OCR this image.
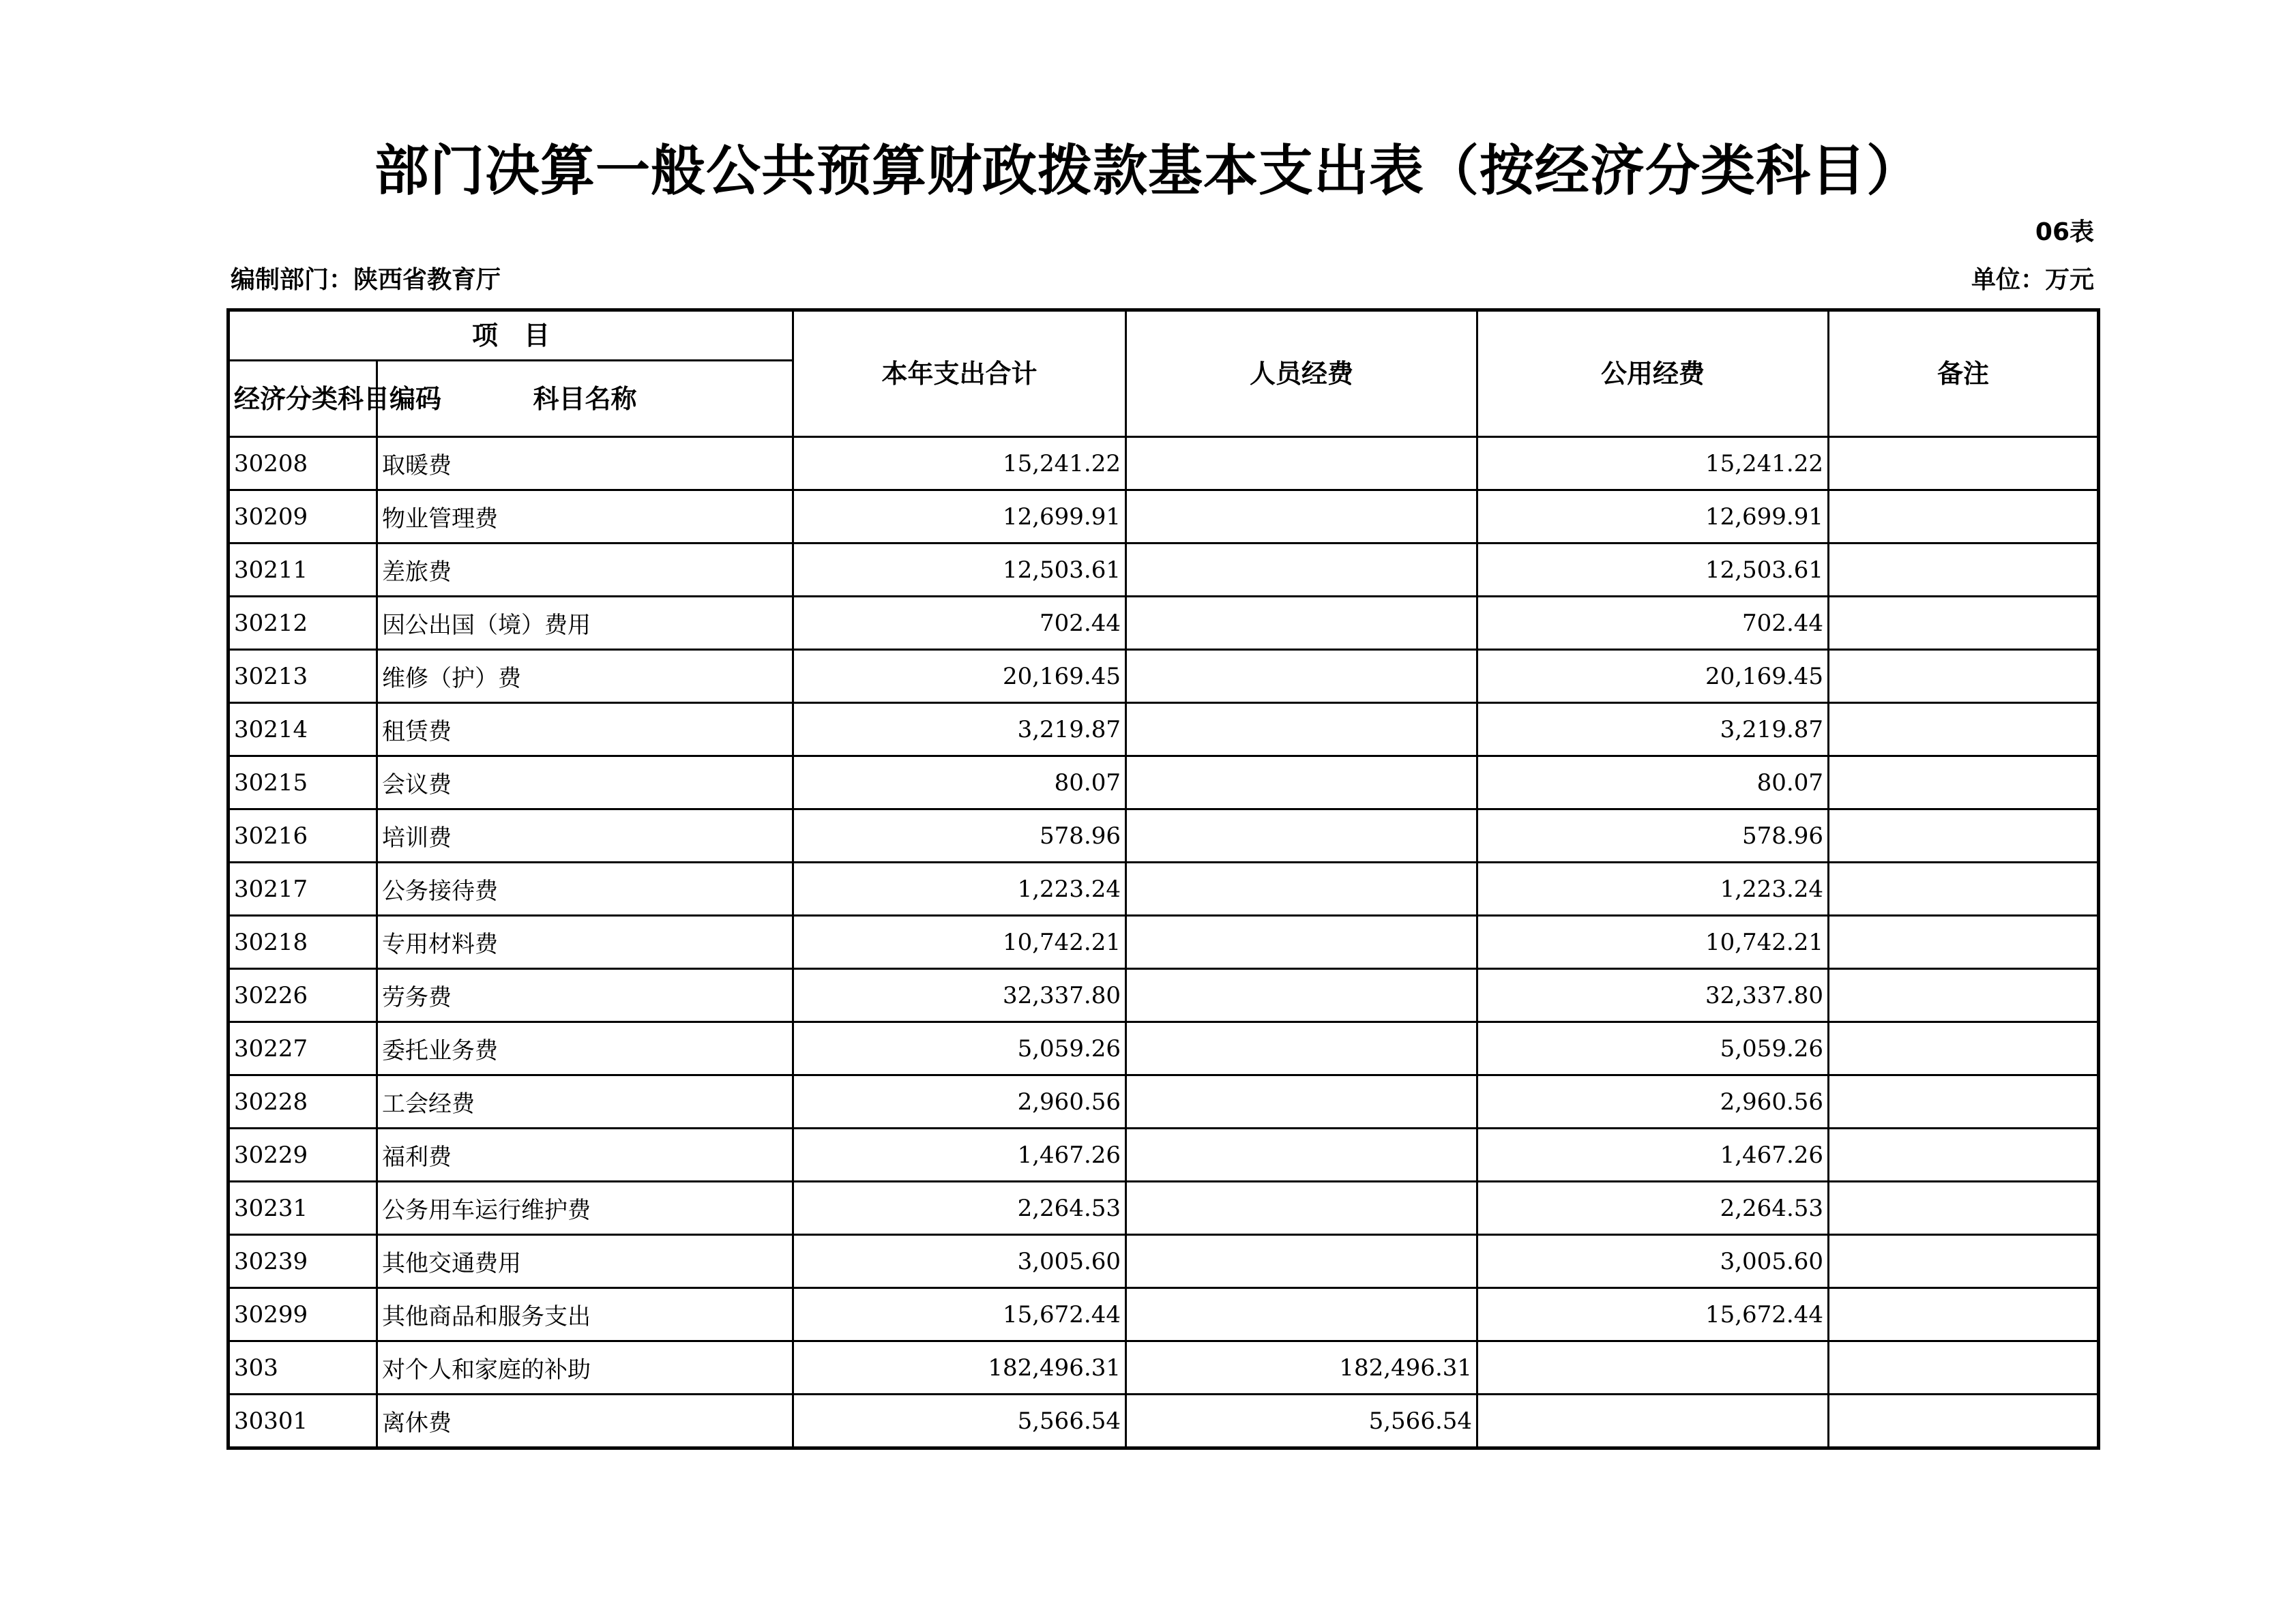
部门决算一般公共预算财政拨款基本支出表（按经济分类科目）
06表
编制部门：陕西省教育厅	单位：万元
项　目		本年支出合计	人员经费	公用经费	备注
经济分类科目编码	科目名称				
30208	取暖费	15,241.22		15,241.22	
30209	物业管理费	12,699.91		12,699.91	
30211	差旅费	12,503.61		12,503.61	
30212	因公出国（境）费用	702.44		702.44	
30213	维修（护）费	20,169.45		20,169.45	
30214	租赁费	3,219.87		3,219.87	
30215	会议费	80.07		80.07	
30216	培训费	578.96		578.96	
30217	公务接待费	1,223.24		1,223.24	
30218	专用材料费	10,742.21		10,742.21	
30226	劳务费	32,337.80		32,337.80	
30227	委托业务费	5,059.26		5,059.26	
30228	工会经费	2,960.56		2,960.56	
30229	福利费	1,467.26		1,467.26	
30231	公务用车运行维护费	2,264.53		2,264.53	
30239	其他交通费用	3,005.60		3,005.60	
30299	其他商品和服务支出	15,672.44		15,672.44	
303	对个人和家庭的补助	182,496.31	182,496.31		
30301	离休费	5,566.54	5,566.54		
